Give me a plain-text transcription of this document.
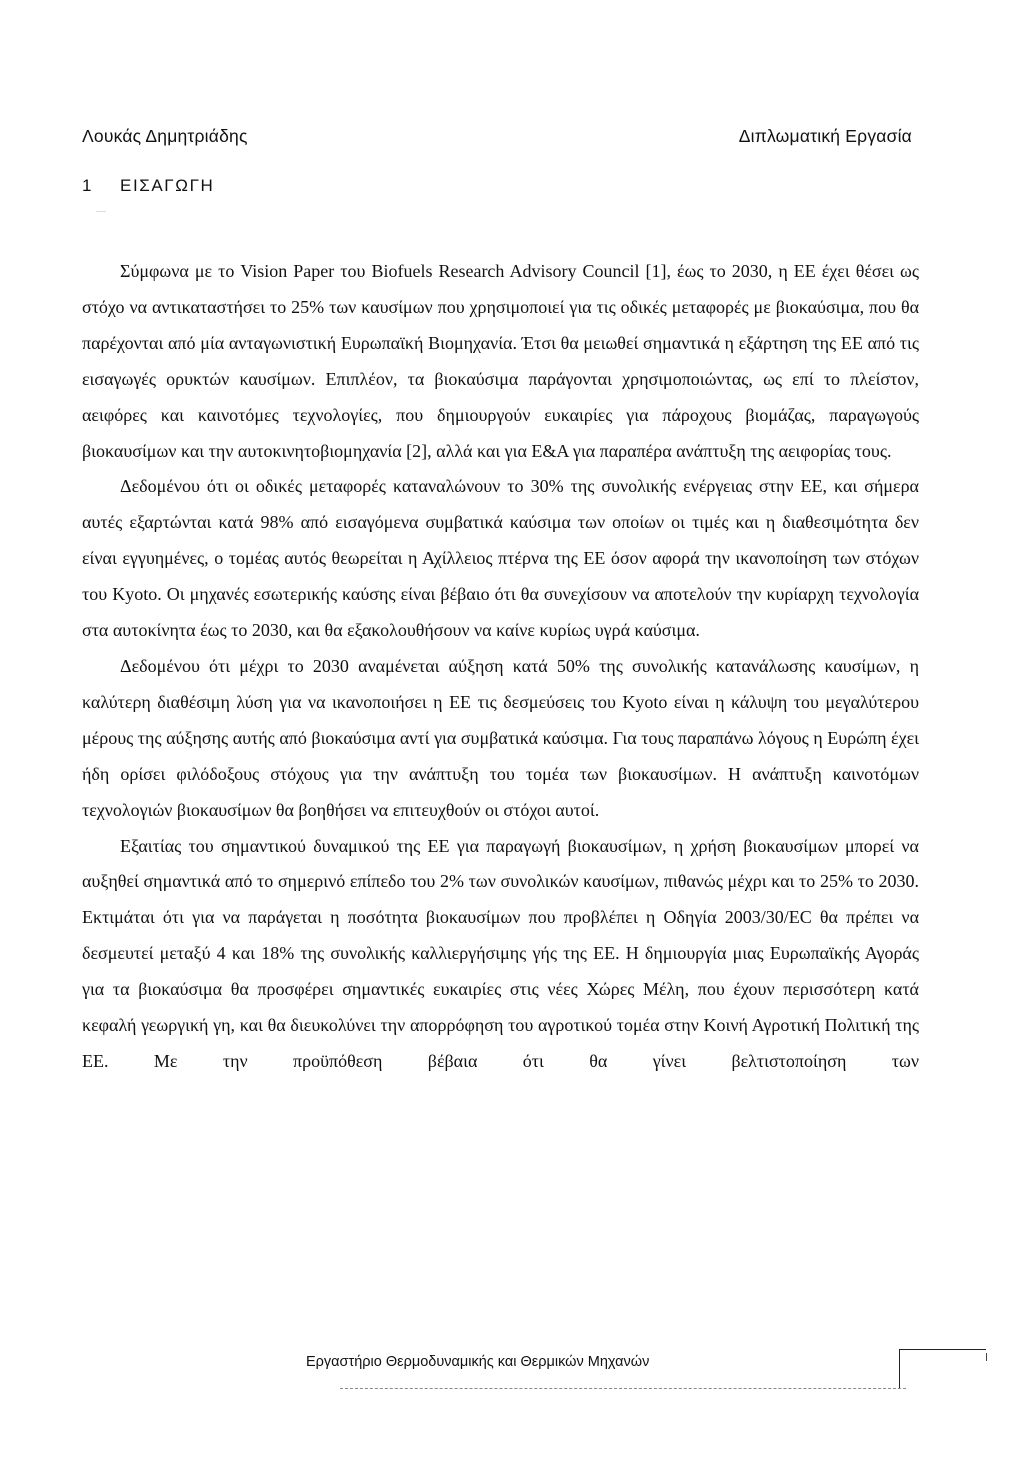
Λουκάς Δημητριάδης	Διπλωματική Εργασία
1 ΕΙΣΑΓΩΓΗ

Σύμφωνα με το Vision Paper του Biofuels Research Advisory Council [1], έως το 2030, η ΕΕ έχει θέσει ως στόχο να αντικαταστήσει το 25% των καυσίμων που χρησιμοποιεί για τις οδικές μεταφορές με βιοκαύσιμα, που θα παρέχονται από μία ανταγωνιστική Ευρωπαϊκή Βιομηχανία. Έτσι θα μειωθεί σημαντικά η εξάρτηση της ΕΕ από τις εισαγωγές ορυκτών καυσίμων. Επιπλέον, τα βιοκαύσιμα παράγονται χρησιμοποιώντας, ως επί το πλείστον, αειφόρες και καινοτόμες τεχνολογίες, που δημιουργούν ευκαιρίες για πάροχους βιομάζας, παραγωγούς βιοκαυσίμων και την αυτοκινητοβιομηχανία [2], αλλά και για Ε&Α για παραπέρα ανάπτυξη της αειφορίας τους.

Δεδομένου ότι οι οδικές μεταφορές καταναλώνουν το 30% της συνολικής ενέργειας στην ΕΕ, και σήμερα αυτές εξαρτώνται κατά 98% από εισαγόμενα συμβατικά καύσιμα των οποίων οι τιμές και η διαθεσιμότητα δεν είναι εγγυημένες, ο τομέας αυτός θεωρείται η Αχίλλειος πτέρνα της ΕΕ όσον αφορά την ικανοποίηση των στόχων του Kyoto. Οι μηχανές εσωτερικής καύσης είναι βέβαιο ότι θα συνεχίσουν να αποτελούν την κυρίαρχη τεχνολογία στα αυτοκίνητα έως το 2030, και θα εξακολουθήσουν να καίνε κυρίως υγρά καύσιμα.

Δεδομένου ότι μέχρι το 2030 αναμένεται αύξηση κατά 50% της συνολικής κατανάλωσης καυσίμων, η καλύτερη διαθέσιμη λύση για να ικανοποιήσει η ΕΕ τις δεσμεύσεις του Kyoto είναι η κάλυψη του μεγαλύτερου μέρους της αύξησης αυτής από βιοκαύσιμα αντί για συμβατικά καύσιμα. Για τους παραπάνω λόγους η Ευρώπη έχει ήδη ορίσει φιλόδοξους στόχους για την ανάπτυξη του τομέα των βιοκαυσίμων. Η ανάπτυξη καινοτόμων τεχνολογιών βιοκαυσίμων θα βοηθήσει να επιτευχθούν οι στόχοι αυτοί.

Εξαιτίας του σημαντικού δυναμικού της ΕΕ για παραγωγή βιοκαυσίμων, η χρήση βιοκαυσίμων μπορεί να αυξηθεί σημαντικά από το σημερινό επίπεδο του 2% των συνολικών καυσίμων, πιθανώς μέχρι και το 25% το 2030. Εκτιμάται ότι για να παράγεται η ποσότητα βιοκαυσίμων που προβλέπει η Οδηγία 2003/30/EC θα πρέπει να δεσμευτεί μεταξύ 4 και 18% της συνολικής καλλιεργήσιμης γής της ΕΕ. Η δημιουργία μιας Ευρωπαϊκής Αγοράς για τα βιοκαύσιμα θα προσφέρει σημαντικές ευκαιρίες στις νέες Χώρες Μέλη, που έχουν περισσότερη κατά κεφαλή γεωργική γη, και θα διευκολύνει την απορρόφηση του αγροτικού τομέα στην Κοινή Αγροτική Πολιτική της ΕΕ. Με την προϋπόθεση βέβαια ότι θα γίνει βελτιστοποίηση των

Εργαστήριο Θερμοδυναμικής και Θερμικών Μηχανών
